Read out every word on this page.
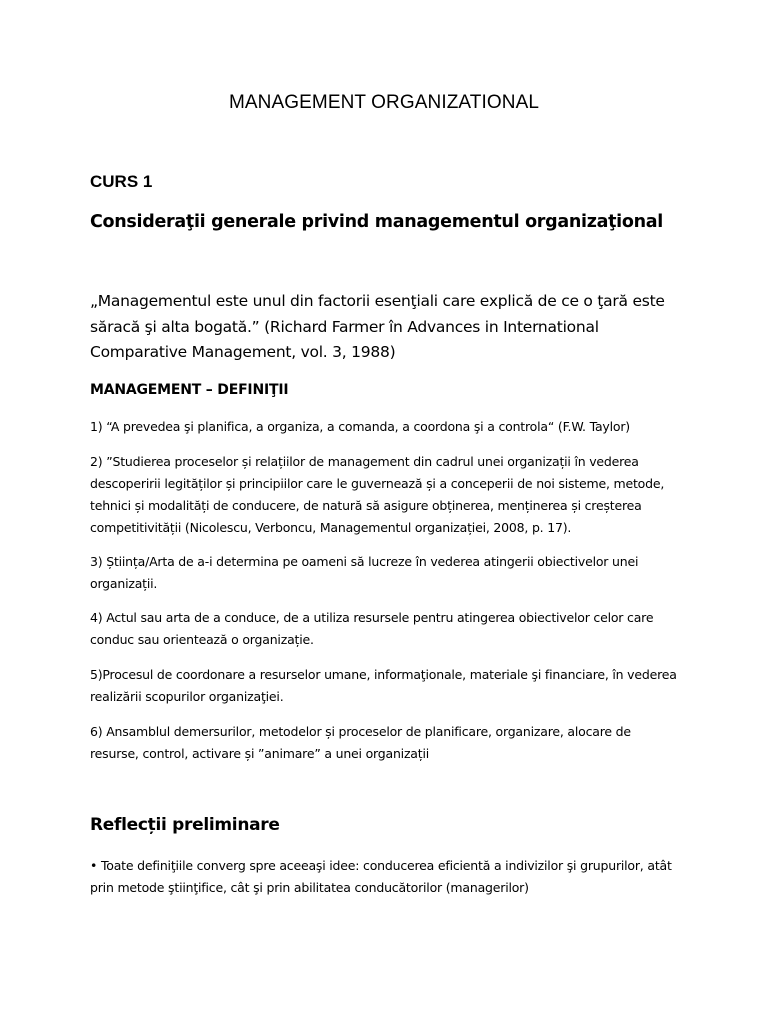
MANAGEMENT ORGANIZATIONAL
CURS 1
Consideraţii generale privind managementul organizaţional
„Managementul este unul din factorii esenţiali care explică de ce o ţară este săracă şi alta bogată.” (Richard Farmer în Advances in International Comparative Management, vol. 3, 1988)
MANAGEMENT – DEFINIŢII
1) “A prevedea şi planifica, a organiza, a comanda, a coordona şi a controla“ (F.W. Taylor)
2) ”Studierea proceselor și relațiilor de management din cadrul unei organizații în vederea descoperirii legităților și principiilor care le guvernează și a conceperii de noi sisteme, metode, tehnici și modalități de conducere, de natură să asigure obținerea, menținerea și creșterea competitivității (Nicolescu, Verboncu, Managementul organizației, 2008, p. 17).
3) Știința/Arta de a-i determina pe oameni să lucreze în vederea atingerii obiectivelor unei organizații.
4) Actul sau arta de a conduce, de a utiliza resursele pentru atingerea obiectivelor celor care conduc sau orientează o organizație.
5)Procesul de coordonare a resurselor umane, informaţionale, materiale şi financiare, în vederea realizării scopurilor organizaţiei.
6) Ansamblul demersurilor, metodelor și proceselor de planificare, organizare, alocare de resurse, control, activare și ”animare” a unei organizații
Reflecții preliminare
• Toate definiţiile converg spre aceeaşi idee: conducerea eficientă a indivizilor şi grupurilor, atât prin metode ştiinţifice, cât şi prin abilitatea conducătorilor (managerilor)
